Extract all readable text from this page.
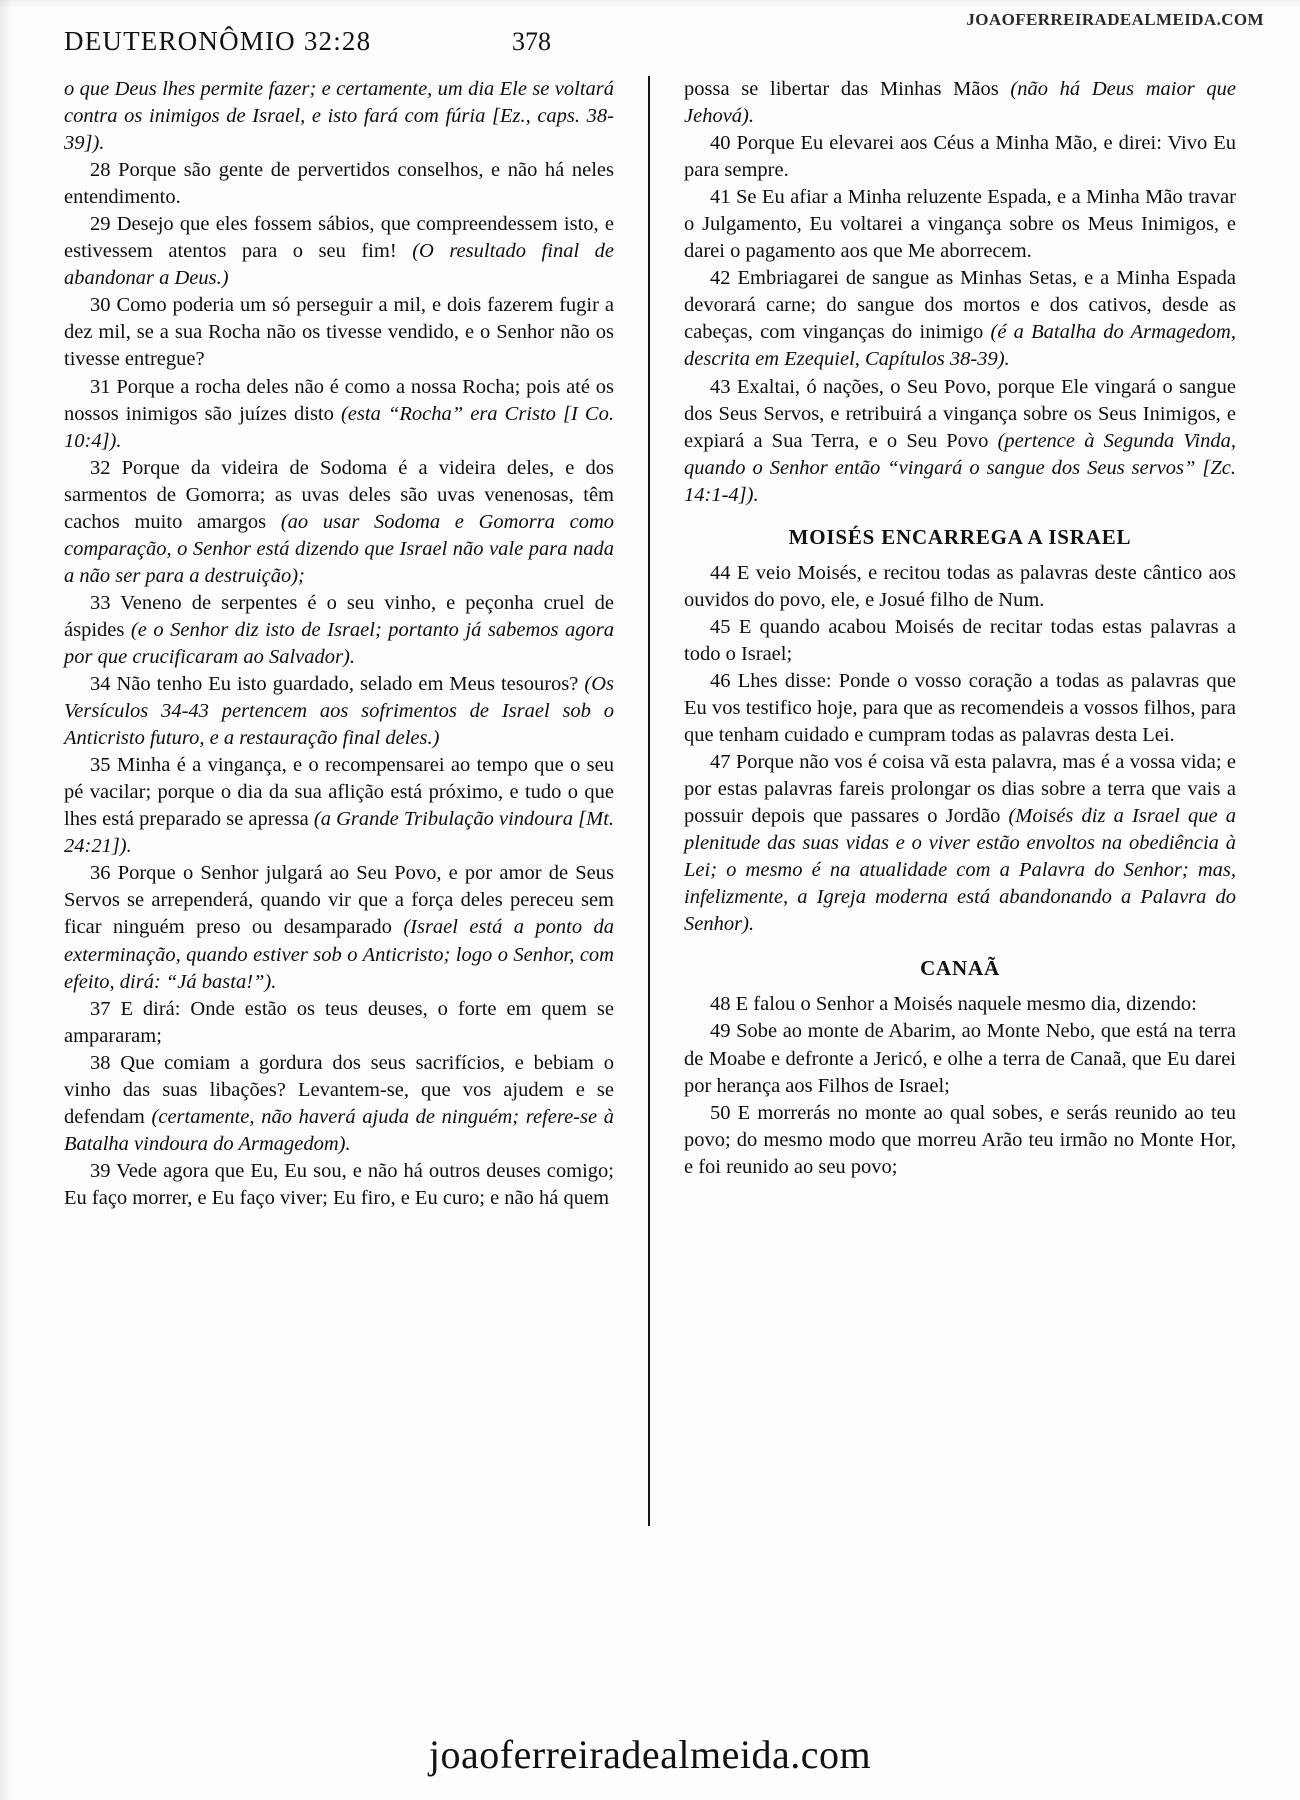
JOAOFERREIRADEALMEIDA.COM
DEUTERONÔMIO 32:28	378

o que Deus lhes permite fazer; e certamente, um dia Ele se voltará contra os inimigos de Israel, e isto fará com fúria [Ez., caps. 38-39]).

28 Porque são gente de pervertidos conselhos, e não há neles entendimento.

29 Desejo que eles fossem sábios, que compreendessem isto, e estivessem atentos para o seu fim! (O resultado final de abandonar a Deus.)

30 Como poderia um só perseguir a mil, e dois fazerem fugir a dez mil, se a sua Rocha não os tivesse vendido, e o Senhor não os tivesse entregue?

31 Porque a rocha deles não é como a nossa Rocha; pois até os nossos inimigos são juízes disto (esta “Rocha” era Cristo [I Co. 10:4]).

32 Porque da videira de Sodoma é a videira deles, e dos sarmentos de Gomorra; as uvas deles são uvas venenosas, têm cachos muito amargos (ao usar Sodoma e Gomorra como comparação, o Senhor está dizendo que Israel não vale para nada a não ser para a destruição);

33 Veneno de serpentes é o seu vinho, e peçonha cruel de áspides (e o Senhor diz isto de Israel; portanto já sabemos agora por que crucificaram ao Salvador).

34 Não tenho Eu isto guardado, selado em Meus tesouros? (Os Versículos 34-43 pertencem aos sofrimentos de Israel sob o Anticristo futuro, e a restauração final deles.)

35 Minha é a vingança, e o recompensarei ao tempo que o seu pé vacilar; porque o dia da sua aflição está próximo, e tudo o que lhes está preparado se apressa (a Grande Tribulação vindoura [Mt. 24:21]).

36 Porque o Senhor julgará ao Seu Povo, e por amor de Seus Servos se arrependerá, quando vir que a força deles pereceu sem ficar ninguém preso ou desamparado (Israel está a ponto da exterminação, quando estiver sob o Anticristo; logo o Senhor, com efeito, dirá: “Já basta!”).

37 E dirá: Onde estão os teus deuses, o forte em quem se ampararam;

38 Que comiam a gordura dos seus sacrifícios, e bebiam o vinho das suas libações? Levantem-se, que vos ajudem e se defendam (certamente, não haverá ajuda de ninguém; refere-se à Batalha vindoura do Armagedom).

39 Vede agora que Eu, Eu sou, e não há outros deuses comigo; Eu faço morrer, e Eu faço viver; Eu firo, e Eu curo; e não há quem

possa se libertar das Minhas Mãos (não há Deus maior que Jehová).

40 Porque Eu elevarei aos Céus a Minha Mão, e direi: Vivo Eu para sempre.

41 Se Eu afiar a Minha reluzente Espada, e a Minha Mão travar o Julgamento, Eu voltarei a vingança sobre os Meus Inimigos, e darei o pagamento aos que Me aborrecem.

42 Embriagarei de sangue as Minhas Setas, e a Minha Espada devorará carne; do sangue dos mortos e dos cativos, desde as cabeças, com vinganças do inimigo (é a Batalha do Armagedom, descrita em Ezequiel, Capítulos 38-39).

43 Exaltai, ó nações, o Seu Povo, porque Ele vingará o sangue dos Seus Servos, e retribuirá a vingança sobre os Seus Inimigos, e expiará a Sua Terra, e o Seu Povo (pertence à Segunda Vinda, quando o Senhor então “vingará o sangue dos Seus servos” [Zc. 14:1-4]).

MOISÉS ENCARREGA A ISRAEL

44 E veio Moisés, e recitou todas as palavras deste cântico aos ouvidos do povo, ele, e Josué filho de Num.

45 E quando acabou Moisés de recitar todas estas palavras a todo o Israel;

46 Lhes disse: Ponde o vosso coração a todas as palavras que Eu vos testifico hoje, para que as recomendeis a vossos filhos, para que tenham cuidado e cumpram todas as palavras desta Lei.

47 Porque não vos é coisa vã esta palavra, mas é a vossa vida; e por estas palavras fareis prolongar os dias sobre a terra que vais a possuir depois que passares o Jordão (Moisés diz a Israel que a plenitude das suas vidas e o viver estão envoltos na obediência à Lei; o mesmo é na atualidade com a Palavra do Senhor; mas, infelizmente, a Igreja moderna está abandonando a Palavra do Senhor).

CANAÃ

48 E falou o Senhor a Moisés naquele mesmo dia, dizendo:

49 Sobe ao monte de Abarim, ao Monte Nebo, que está na terra de Moabe e defronte a Jericó, e olhe a terra de Canaã, que Eu darei por herança aos Filhos de Israel;

50 E morrerás no monte ao qual sobes, e serás reunido ao teu povo; do mesmo modo que morreu Arão teu irmão no Monte Hor, e foi reunido ao seu povo;

joaoferreiradealmeida.com
